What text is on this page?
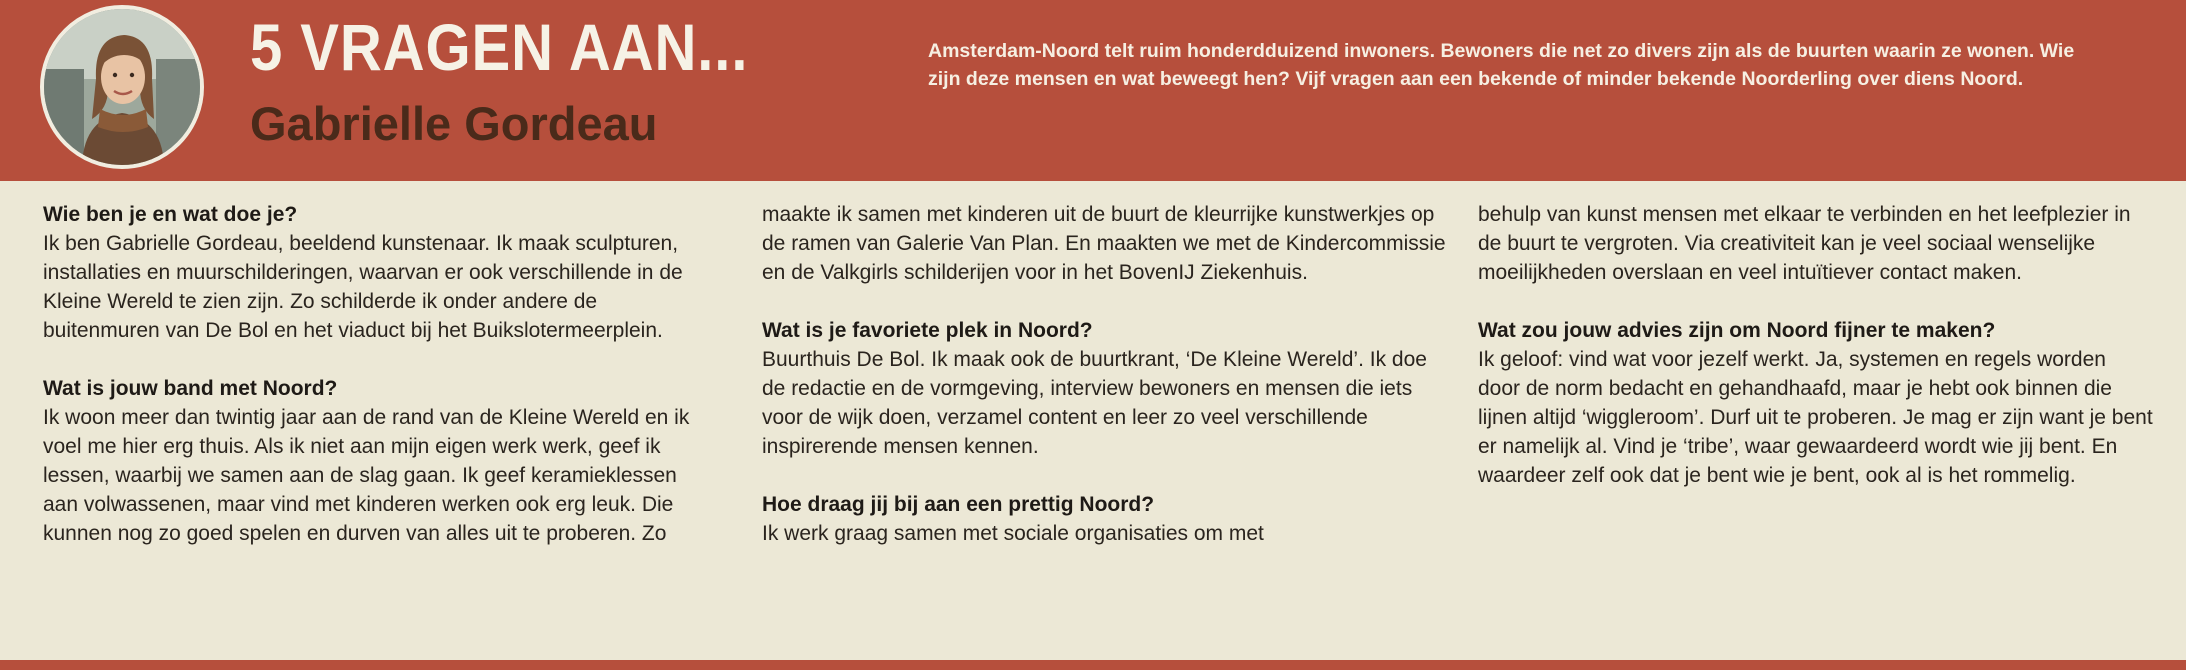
5 VRAGEN AAN...
Gabrielle Gordeau
Amsterdam-Noord telt ruim honderdduizend inwoners. Bewoners die net zo divers zijn als de buurten waarin ze wonen. Wie zijn deze mensen en wat beweegt hen? Vijf vragen aan een bekende of minder bekende Noorderling over diens Noord.

Wie ben je en wat doe je?

Ik ben Gabrielle Gordeau, beeldend kunstenaar. Ik maak sculpturen, installaties en muurschilderingen, waarvan er ook verschillende in de Kleine Wereld te zien zijn. Zo schilderde ik onder andere de buitenmuren van De Bol en het viaduct bij het Buikslotermeerplein.

Wat is jouw band met Noord?

Ik woon meer dan twintig jaar aan de rand van de Kleine Wereld en ik voel me hier erg thuis. Als ik niet aan mijn eigen werk werk, geef ik lessen, waarbij we samen aan de slag gaan. Ik geef keramieklessen aan volwassenen, maar vind met kinderen werken ook erg leuk. Die kunnen nog zo goed spelen en durven van alles uit te proberen. Zo

maakte ik samen met kinderen uit de buurt de kleurrijke kunstwerkjes op de ramen van Galerie Van Plan. En maakten we met de Kindercommissie en de Valkgirls schilderijen voor in het BovenIJ Ziekenhuis.

Wat is je favoriete plek in Noord?

Buurthuis De Bol. Ik maak ook de buurtkrant, ‘De Kleine Wereld’. Ik doe de redactie en de vormgeving, interview bewoners en mensen die iets voor de wijk doen, verzamel content en leer zo veel verschillende inspirerende mensen kennen.

Hoe draag jij bij aan een prettig Noord?

Ik werk graag samen met sociale organisaties om met

behulp van kunst mensen met elkaar te verbinden en het leefplezier in de buurt te vergroten. Via creativiteit kan je veel sociaal wenselijke moeilijkheden overslaan en veel intuïtiever contact maken.

Wat zou jouw advies zijn om Noord fijner te maken?

Ik geloof: vind wat voor jezelf werkt. Ja, systemen en regels worden door de norm bedacht en gehandhaafd, maar je hebt ook binnen die lijnen altijd ‘wiggleroom’. Durf uit te proberen. Je mag er zijn want je bent er namelijk al. Vind je ‘tribe’, waar gewaardeerd wordt wie jij bent. En waardeer zelf ook dat je bent wie je bent, ook al is het rommelig.
